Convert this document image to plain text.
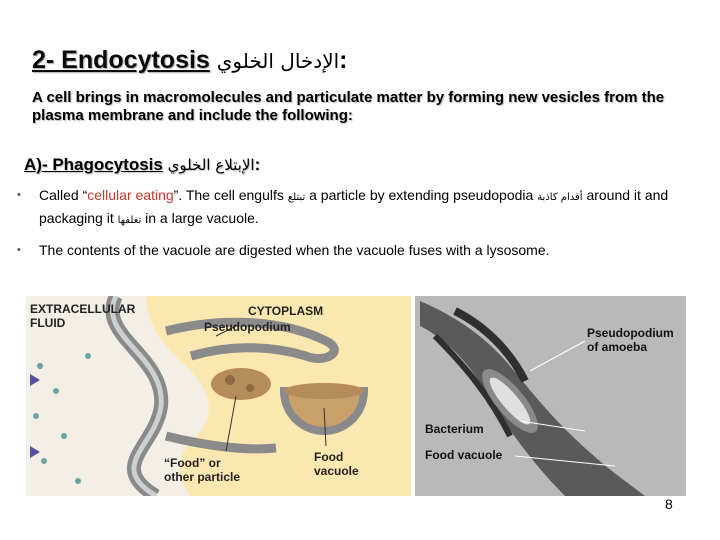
2- Endocytosis الإدخال الخلوي:
A cell brings in macromolecules and particulate matter by forming new vesicles from the plasma membrane and include the following:
A)- Phagocytosis الإبتلاع الخلوي:
• Called “cellular eating”. The cell engulfs تبتلع a particle by extending pseudopodia أقدام كاذبة around it and packaging it تغلفها in a large vacuole.
• The contents of the vacuole are digested when the vacuole fuses with a lysosome.
EXTRACELLULAR FLUID
CYTOPLASM
Pseudopodium
“Food” or other particle
Food vacuole
Pseudopodium of amoeba
Bacterium
Food vacuole
8
